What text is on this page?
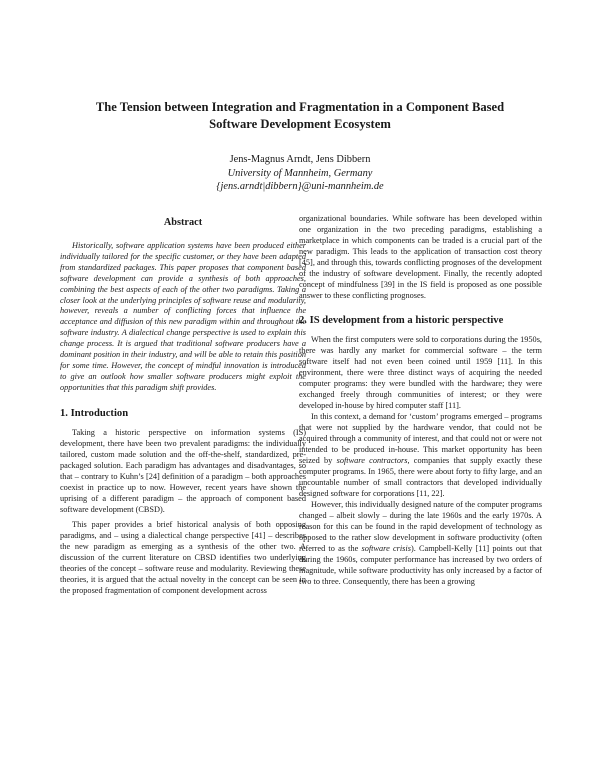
The Tension between Integration and Fragmentation in a Component Based
Software Development Ecosystem
Jens-Magnus Arndt, Jens Dibbern
University of Mannheim, Germany
{jens.arndt|dibbern}@uni-mannheim.de
Abstract

Historically, software application systems have been produced either individually tailored for the specific customer, or they have been adapted from standardized packages. This paper proposes that component based software development can provide a synthesis of both approaches, combining the best aspects of each of the other two paradigms. Taking a closer look at the underlying principles of software reuse and modularity, however, reveals a number of conflicting forces that influence the acceptance and diffusion of this new paradigm within and throughout the software industry. A dialectical change perspective is used to explain this change process. It is argued that traditional software producers have a dominant position in their industry, and will be able to retain this position for some time. However, the concept of mindful innovation is introduced to give an outlook how smaller software producers might exploit the opportunities that this paradigm shift provides.

1. Introduction

Taking a historic perspective on information systems (IS) development, there have been two prevalent paradigms: the individually tailored, custom made solution and the off-the-shelf, standardized, pre-packaged solution. Each paradigm has advantages and disadvantages, so that – contrary to Kuhn’s [24] definition of a paradigm – both approaches coexist in practice up to now. However, recent years have shown the uprising of a different paradigm – the approach of component based software development (CBSD).

This paper provides a brief historical analysis of both opposing paradigms, and – using a dialectical change perspective [41] – describes the new paradigm as emerging as a synthesis of the other two. A discussion of the current literature on CBSD identifies two underlying theories of the concept – software reuse and modularity. Reviewing these theories, it is argued that the actual novelty in the concept can be seen in the proposed fragmentation of component development across

organizational boundaries. While software has been developed within one organization in the two preceding paradigms, establishing a marketplace in which components can be traded is a crucial part of the new paradigm. This leads to the application of transaction cost theory [45], and through this, towards conflicting prognoses of the development of the industry of software development. Finally, the recently adopted concept of mindfulness [39] in the IS field is proposed as one possible answer to these conflicting prognoses.

2. IS development from a historic perspective

When the first computers were sold to corporations during the 1950s, there was hardly any market for commercial software – the term software itself had not even been coined until 1959 [11]. In this environment, there were three distinct ways of acquiring the needed computer programs: they were bundled with the hardware; they were exchanged freely through communities of interest; or they were developed in-house by hired computer staff [11].

In this context, a demand for ‘custom’ programs emerged – programs that were not supplied by the hardware vendor, that could not be acquired through a community of interest, and that could not or were not intended to be produced in-house. This market opportunity has been seized by software contractors, companies that supply exactly these computer programs. In 1965, there were about forty to fifty large, and an uncountable number of small contractors that developed individually designed software for corporations [11, 22].

However, this individually designed nature of the computer programs changed – albeit slowly – during the late 1960s and the early 1970s. A reason for this can be found in the rapid development of technology as opposed to the rather slow development in software productivity (often referred to as the software crisis). Campbell-Kelly [11] points out that during the 1960s, computer performance has increased by two orders of magnitude, while software productivity has only increased by a factor of two to three. Consequently, there has been a growing
